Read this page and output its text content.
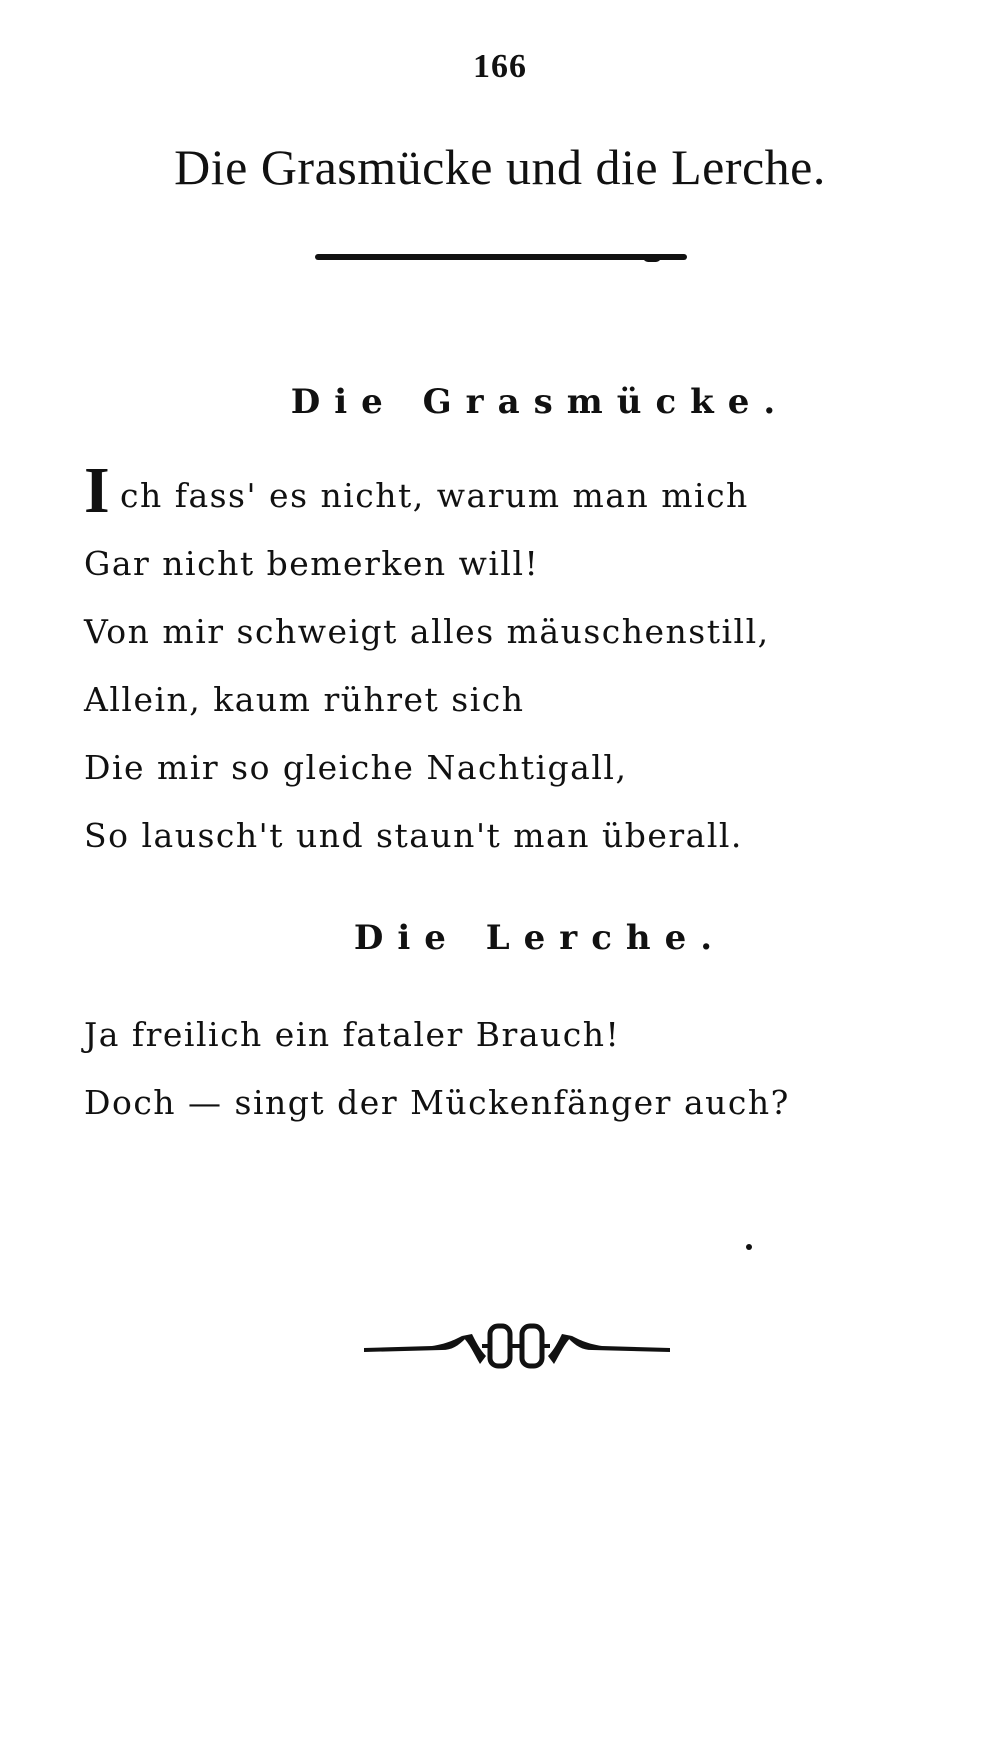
166
Die Grasmücke und die Lerche.
Die Grasmücke.
I ch fass' es nicht, warum man mich
Gar nicht bemerken will!
Von mir schweigt alles mäuschenstill,
Allein, kaum rühret sich
Die mir so gleiche Nachtigall,
So lausch't und staun't man überall.
Die Lerche.
Ja freilich ein fataler Brauch!
Doch — singt der Mückenfänger auch?
